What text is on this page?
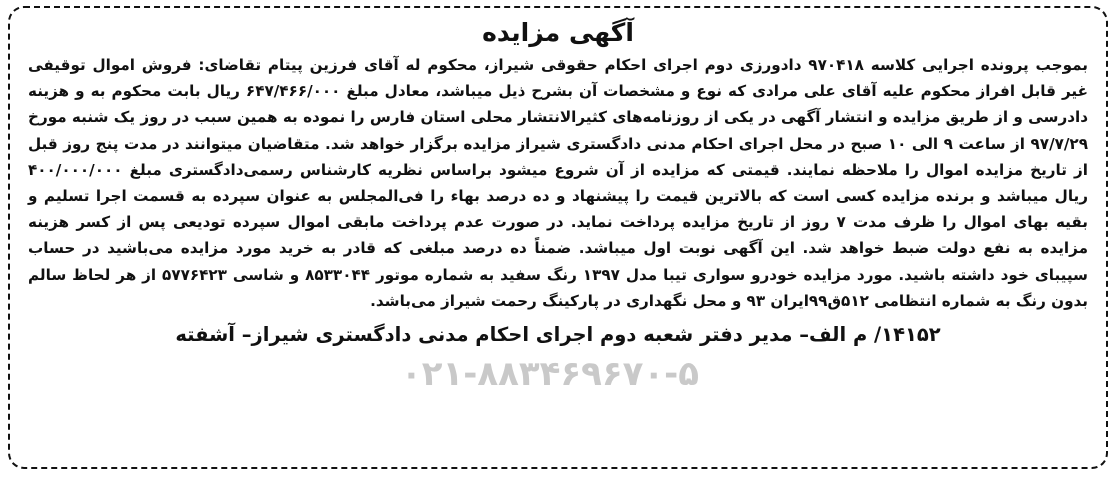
آگهی مزایده

بموجب پرونده اجرایی کلاسه ۹۷۰۴۱۸ دادورزی دوم اجرای احکام حقوقی شیراز، محکوم له آقای فرزین پیتام تقاضای: فروش اموال توقیفی غیر قابل افراز محکوم علیه آقای علی مرادی که نوع و مشخصات آن بشرح ذیل میباشد، معادل مبلغ ۶۴۷/۴۶۶/۰۰۰ ریال بابت محکوم به و هزینه دادرسی و از طریق مزایده و انتشار آگهی در یکی از روزنامه‌های کثیرالانتشار محلی استان فارس را نموده به همین سبب در روز یک شنبه مورخ ۹۷/۷/۲۹ از ساعت ۹ الی ۱۰ صبح در محل اجرای احکام مدنی دادگستری شیراز مزایده برگزار خواهد شد. متقاضیان میتوانند در مدت پنج روز قبل از تاریخ مزایده اموال را ملاحظه نمایند. قیمتی که مزایده از آن شروع میشود براساس نظریه کارشناس رسمی‌دادگستری مبلغ ۴۰۰/۰۰۰/۰۰۰ ریال میباشد و برنده مزایده کسی است که بالاترین قیمت را پیشنهاد و ده درصد بهاء را فی‌المجلس به عنوان سپرده به قسمت اجرا تسلیم و بقیه بهای اموال را ظرف مدت ۷ روز از تاریخ مزایده پرداخت نماید. در صورت عدم پرداخت مابقی اموال سپرده تودیعی پس از کسر هزینه مزایده به نفع دولت ضبط خواهد شد. این آگهی نوبت اول میباشد. ضمناً ده درصد مبلغی که قادر به خرید مورد مزایده می‌باشید در حساب سپیبای خود داشته باشید. مورد مزایده خودرو سواری تیبا مدل ۱۳۹۷ رنگ سفید به شماره موتور ۸۵۳۳۰۴۴ و شاسی ۵۷۷۶۴۲۳ از هر لحاظ سالم بدون رنگ به شماره انتظامی ۵۱۲ق۹۹ایران ۹۳ و محل نگهداری در پارکینگ رحمت شیراز می‌باشد.

۱۴۱۵۲/ م الف– مدیر دفتر شعبه دوم اجرای احکام مدنی دادگستری شیراز– آشفته
۰۲۱-۸۸۳۴۶۹۶۷۰-۵
